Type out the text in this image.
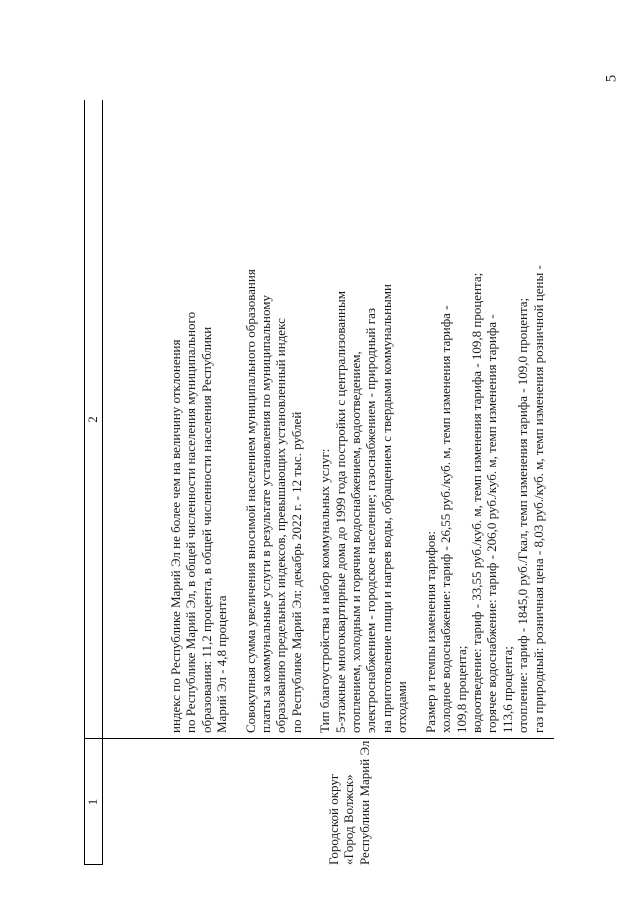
5
1
2
Городской округ «Город Волжск» Республики Марий Эл
индекс по Республике Марий Эл не более чем на величину отклонения по Республике Марий Эл, в общей численности населения муниципального образования: 11,2 процента, в общей численности населения Республики Марий Эл - 4,8 процента Совокупная сумма увеличения вносимой населением муниципального образования платы за коммунальные услуги в результате установления по муниципальному образованию предельных индексов, превышающих установленный индекс по Республике Марий Эл: декабрь 2022 г. - 12 тыс. рублей Тип благоустройства и набор коммунальных услуг: 5-этажные многоквартирные дома до 1999 года постройки с централизованным отоплением, холодным и горячим водоснабжением, водоотведением, электроснабжением - городское население; газоснабжением - природный газ на приготовление пищи и нагрев воды, обращением с твердыми коммунальными отходами Размер и темпы изменения тарифов: холодное водоснабжение: тариф - 26,55 руб./куб. м, темп изменения тарифа - 109,8 процента; водоотведение: тариф - 33,55 руб./куб. м, темп изменения тарифа - 109,8 процента; горячее водоснабжение: тариф - 206,0 руб./куб. м, темп изменения тарифа - 113,6 процента; отопление: тариф - 1845,0 руб./Гкал, темп изменения тарифа - 109,0 процента; газ природный: розничная цена - 8,03 руб./куб. м, темп изменения розничной цены -
